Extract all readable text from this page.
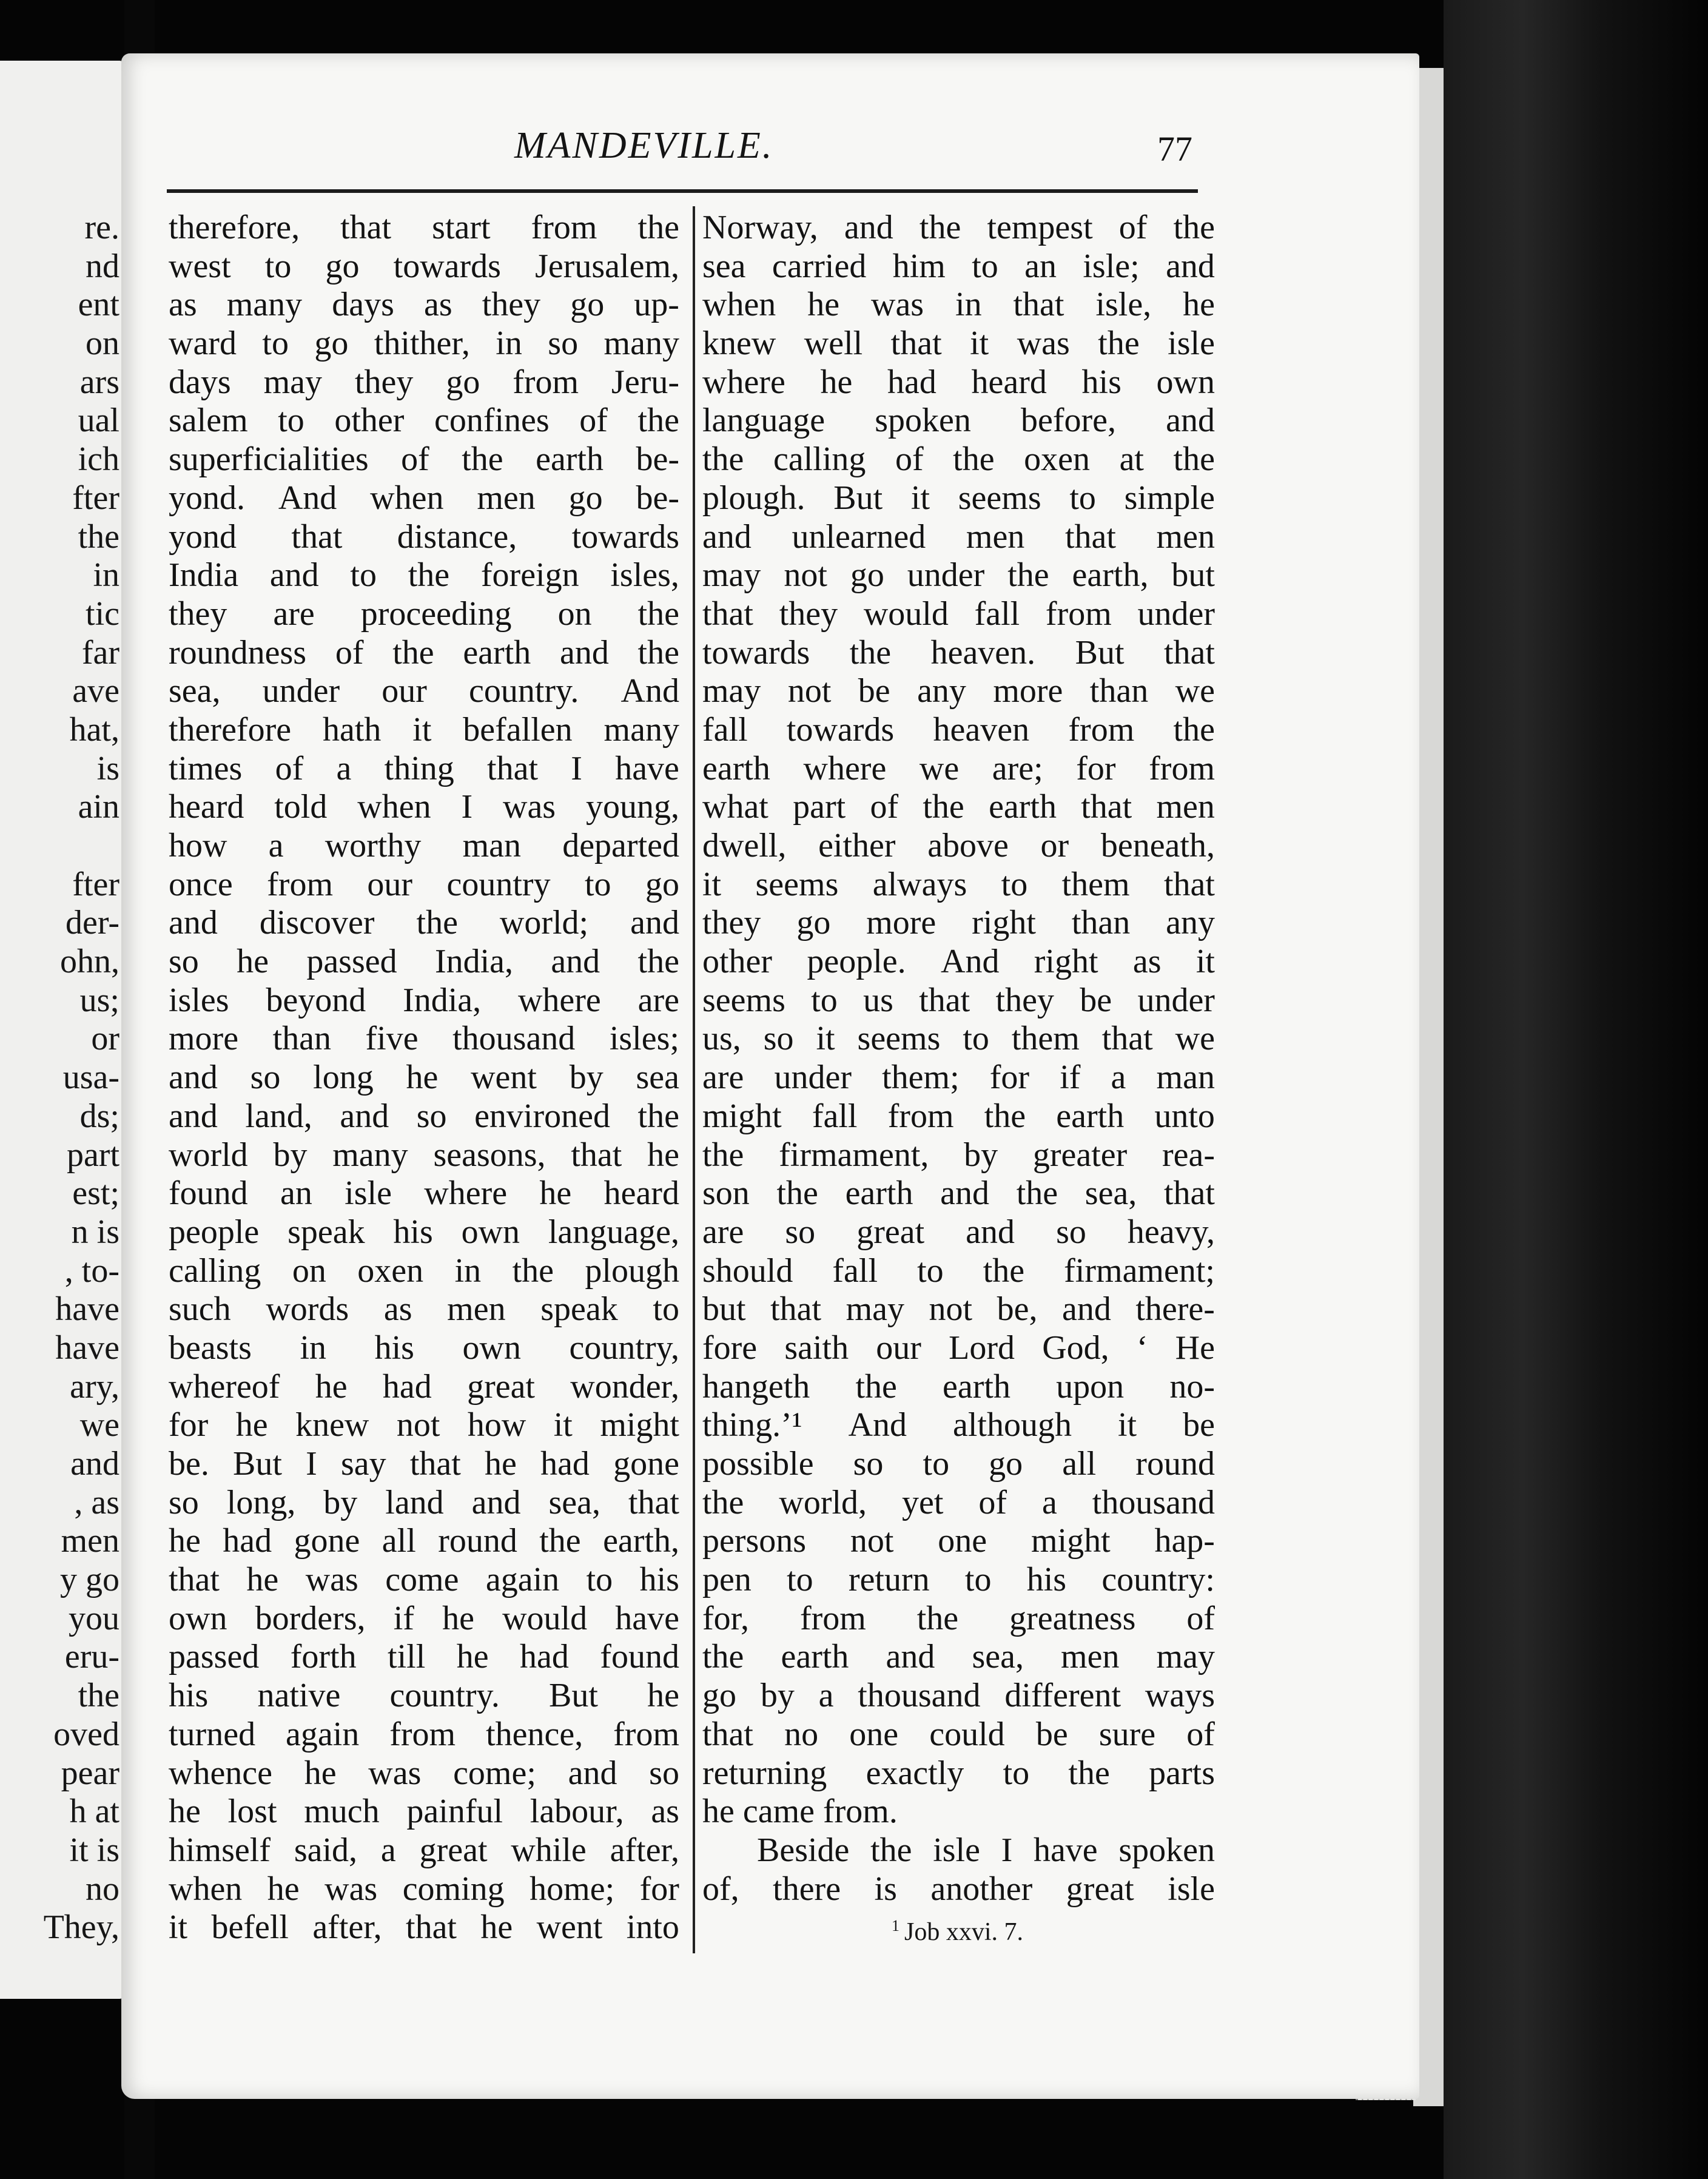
re.
nd
ent
on
ars
ual
ich
fter
the
in
tic
far
ave
hat,
is
ain
fter
der-
ohn,
us;
or
usa-
ds;
part
est;
n is
, to-
have
have
ary,
we
and
, as
men
y go
you
eru-
the
oved
pear
h at
it is
no
They,
MANDEVILLE.	77
therefore, that start from the
west to go towards Jerusalem,
as many days as they go up-
ward to go thither, in so many
days may they go from Jeru-
salem to other confines of the
superficialities of the earth be-
yond. And when men go be-
yond that distance, towards
India and to the foreign isles,
they are proceeding on the
roundness of the earth and the
sea, under our country. And
therefore hath it befallen many
times of a thing that I have
heard told when I was young,
how a worthy man departed
once from our country to go
and discover the world; and
so he passed India, and the
isles beyond India, where are
more than five thousand isles;
and so long he went by sea
and land, and so environed the
world by many seasons, that he
found an isle where he heard
people speak his own language,
calling on oxen in the plough
such words as men speak to
beasts in his own country,
whereof he had great wonder,
for he knew not how it might
be. But I say that he had gone
so long, by land and sea, that
he had gone all round the earth,
that he was come again to his
own borders, if he would have
passed forth till he had found
his native country. But he
turned again from thence, from
whence he was come; and so
he lost much painful labour, as
himself said, a great while after,
when he was coming home; for
it befell after, that he went into
Norway, and the tempest of the
sea carried him to an isle; and
when he was in that isle, he
knew well that it was the isle
where he had heard his own
language spoken before, and
the calling of the oxen at the
plough. But it seems to simple
and unlearned men that men
may not go under the earth, but
that they would fall from under
towards the heaven. But that
may not be any more than we
fall towards heaven from the
earth where we are; for from
what part of the earth that men
dwell, either above or beneath,
it seems always to them that
they go more right than any
other people. And right as it
seems to us that they be under
us, so it seems to them that we
are under them; for if a man
might fall from the earth unto
the firmament, by greater rea-
son the earth and the sea, that
are so great and so heavy,
should fall to the firmament;
but that may not be, and there-
fore saith our Lord God, ‘ He
hangeth the earth upon no-
thing.’¹ And although it be
possible so to go all round
the world, yet of a thousand
persons not one might hap-
pen to return to his country:
for, from the greatness of
the earth and sea, men may
go by a thousand different ways
that no one could be sure of
returning exactly to the parts
he came from.
Beside the isle I have spoken
of, there is another great isle
$^1$ Job xxvi. 7.
